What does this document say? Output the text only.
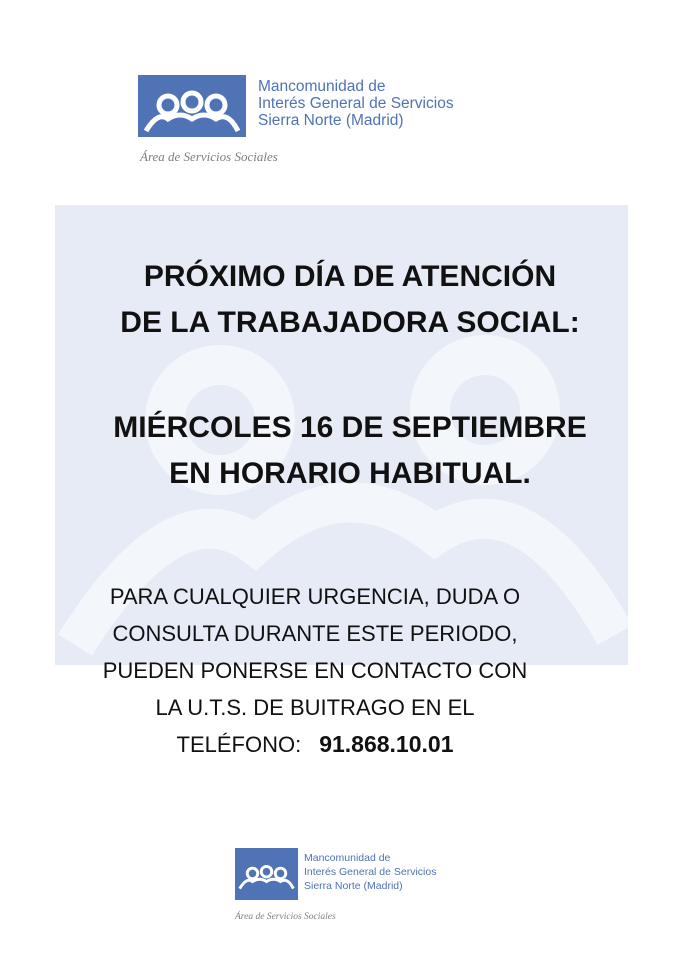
Mancomunidad de
Interés General de Servicios
Sierra Norte (Madrid)
Área de Servicios Sociales
PRÓXIMO DÍA DE ATENCIÓN
DE LA TRABAJADORA SOCIAL:
MIÉRCOLES 16 DE SEPTIEMBRE
EN HORARIO HABITUAL.
PARA CUALQUIER URGENCIA, DUDA O
CONSULTA DURANTE ESTE PERIODO,
PUEDEN PONERSE EN CONTACTO CON
LA U.T.S. DE BUITRAGO EN EL
TELÉFONO: 91.868.10.01
Mancomunidad de
Interés General de Servicios
Sierra Norte (Madrid)
Área de Servicios Sociales
